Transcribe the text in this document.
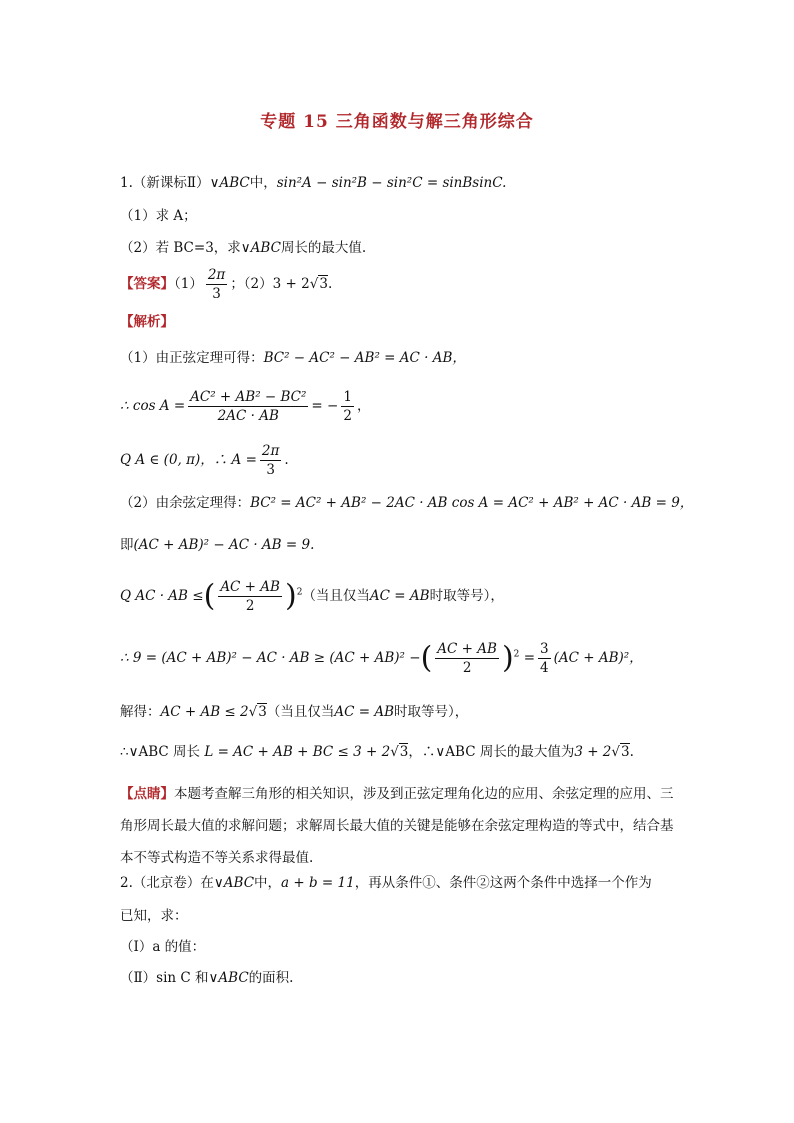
专题 15 三角函数与解三角形综合
1.（新课标Ⅱ）∨ABC中，sin²A − sin²B − sin²C = sinBsinC.
（1）求 A；
（2）若 BC=3，求∨ABC周长的最大值.
【答案】$(1) \frac{2\pi}{3}$ ；（2）3 + 2√3.
【解析】
（1）由正弦定理可得：BC² − AC² − AB² = AC · AB，
∴ $\cos A = \frac{\text{AC² + AB² − BC²}}{2AC \cdot AB}$ = − $\frac{1}{2}$ ，
Q A ∈ (0, π)，∴ $A = \frac{2\pi}{3}$ .
（2）由余弦定理得：BC² = AC² + AB² − 2AC · AB cos A = AC² + AB² + AC · AB = 9，
即(AC + AB)² − AC · AB = 9.
Q AC · AB ≤( $\frac{AC + AB}{2} )^2$（当且仅当AC = AB时取等号），
∴ 9 = (AC + AB)² − AC · AB ≥ (AC + AB)² −( $\frac{AC + AB}{2} )^2 = \frac{3}{4} (AC + AB)^2$，
解得：AC + AB ≤ 2√3（当且仅当AC = AB时取等号），
∴∨ABC 周长 L = AC + AB + BC ≤ 3 + 2√3，∴∨ABC 周长的最大值为3 + 2√3.
【点睛】本题考查解三角形的相关知识，涉及到正弦定理角化边的应用、余弦定理的应用、三角形周长最大值的求解问题；求解周长最大值的关键是能够在余弦定理构造的等式中，结合基本不等式构造不等关系求得最值.
2.（北京卷）在∨ABC中，a + b = 11，再从条件①、条件②这两个条件中选择一个作为
已知，求：
（Ⅰ）a 的值：
（Ⅱ）sin C 和∨ABC的面积.
